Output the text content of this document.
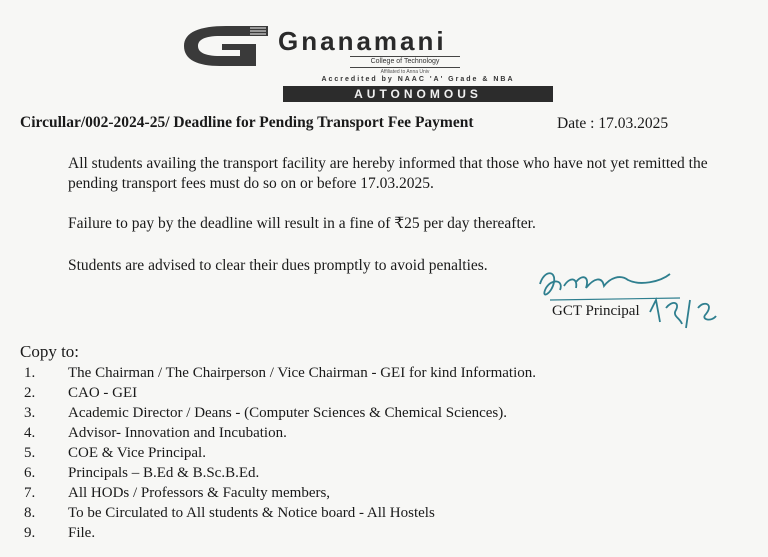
Gnanamani
College of Technology
Affiliated to Anna Univ
Accredited by NAAC 'A' Grade & NBA
AUTONOMOUS
Circullar/002-2024-25/ Deadline for Pending Transport Fee Payment	Date : 17.03.2025
All students availing the transport facility are hereby informed that those who have not yet remitted the pending transport fees must do so on or before 17.03.2025.
Failure to pay by the deadline will result in a fine of ₹25 per day thereafter.
Students are advised to clear their dues promptly to avoid penalties.
GCT Principal
Copy to:
1.	The Chairman / The Chairperson / Vice Chairman - GEI for kind Information.
2.	CAO - GEI
3.	Academic Director / Deans - (Computer Sciences & Chemical Sciences).
4.	Advisor- Innovation and Incubation.
5.	COE & Vice Principal.
6.	Principals – B.Ed & B.Sc.B.Ed.
7.	All HODs / Professors & Faculty members,
8.	To be Circulated to All students & Notice board - All Hostels
9.	File.
